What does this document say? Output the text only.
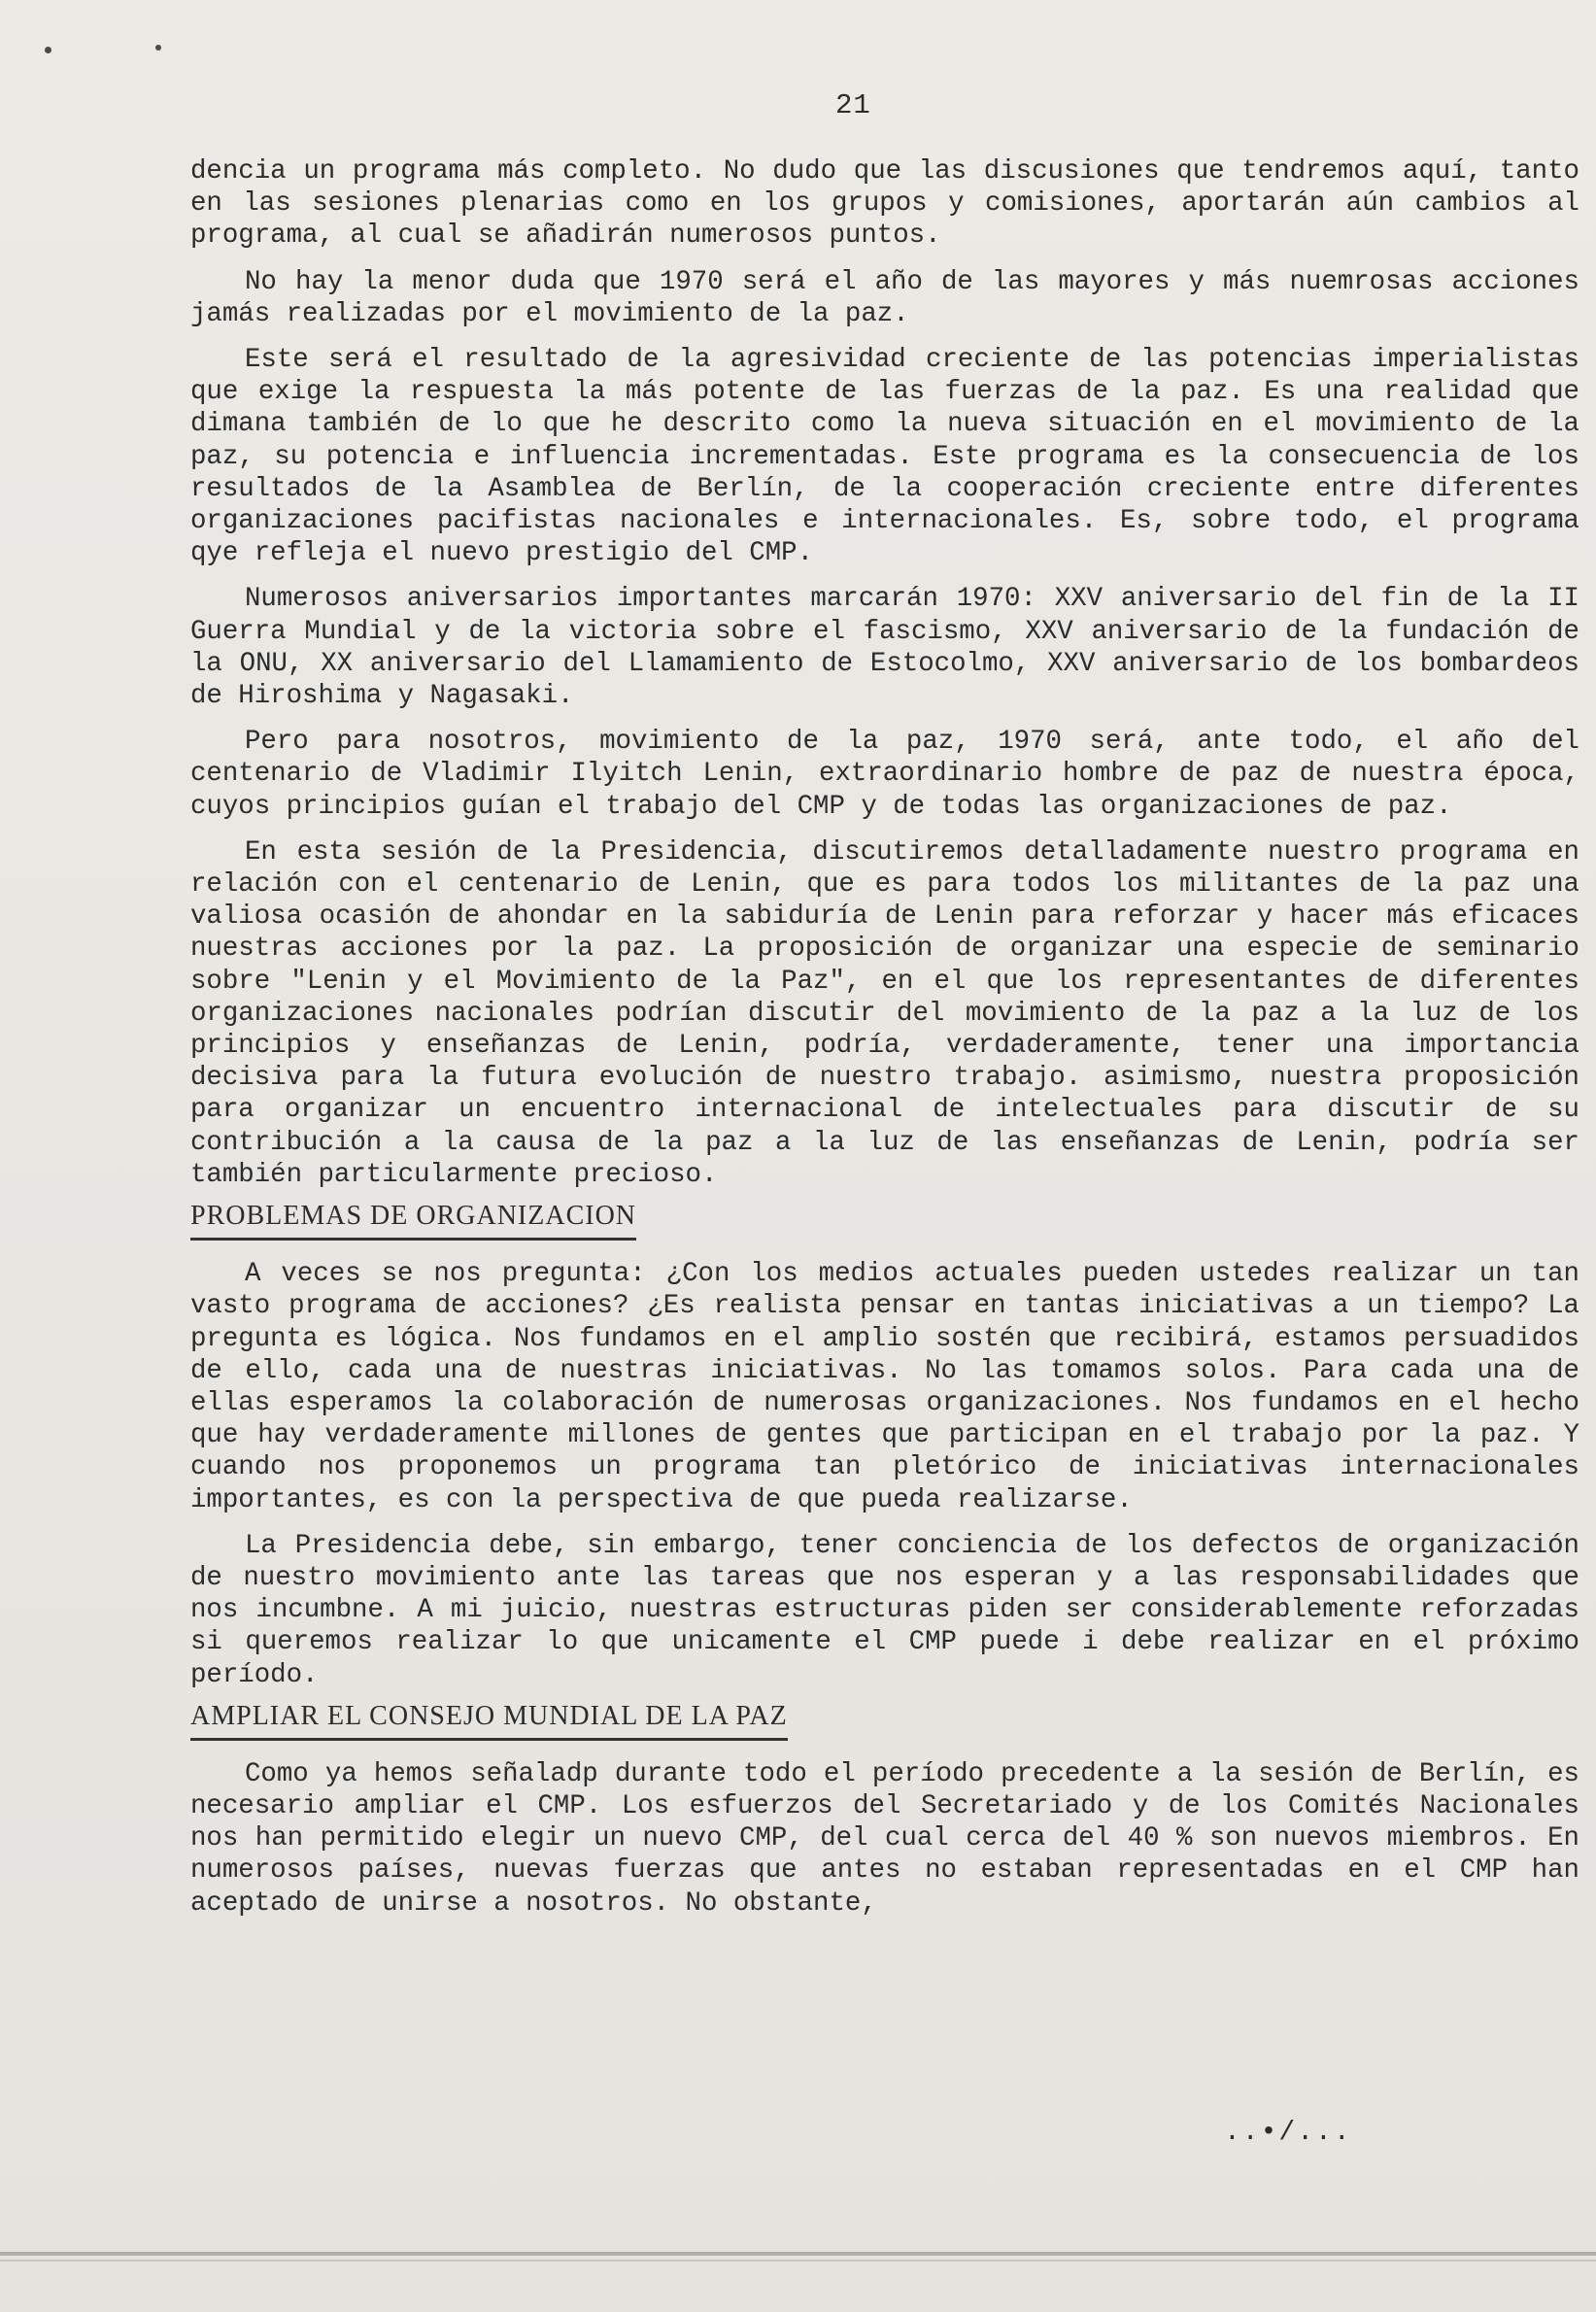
21

dencia un programa más completo. No dudo que las discusiones que tendremos aquí, tanto en las sesiones plenarias como en los grupos y comisiones, aportarán aún cambios al programa, al cual se añadirán numerosos puntos.

No hay la menor duda que 1970 será el año de las mayores y más nuemrosas acciones jamás realizadas por el movimiento de la paz.

Este será el resultado de la agresividad creciente de las potencias imperialistas que exige la respuesta la más potente de las fuerzas de la paz. Es una realidad que dimana también de lo que he descrito como la nueva situación en el movimiento de la paz, su potencia e influencia incrementadas. Este programa es la consecuencia de los resultados de la Asamblea de Berlín, de la cooperación creciente entre diferentes organizaciones pacifistas nacionales e internacionales. Es, sobre todo, el programa qye refleja el nuevo prestigio del CMP.

Numerosos aniversarios importantes marcarán 1970: XXV aniversario del fin de la II Guerra Mundial y de la victoria sobre el fascismo, XXV aniversario de la fundación de la ONU, XX aniversario del Llamamiento de Estocolmo, XXV aniversario de los bombardeos de Hiroshima y Nagasaki.

Pero para nosotros, movimiento de la paz, 1970 será, ante todo, el año del centenario de Vladimir Ilyitch Lenin, extraordinario hombre de paz de nuestra época, cuyos principios guían el trabajo del CMP y de todas las organizaciones de paz.

En esta sesión de la Presidencia, discutiremos detalladamente nuestro programa en relación con el centenario de Lenin, que es para todos los militantes de la paz una valiosa ocasión de ahondar en la sabiduría de Lenin para reforzar y hacer más eficaces nuestras acciones por la paz. La proposición de organizar una especie de seminario sobre "Lenin y el Movimiento de la Paz", en el que los representantes de diferentes organizaciones nacionales podrían discutir del movimiento de la paz a la luz de los principios y enseñanzas de Lenin, podría, verdaderamente, tener una importancia decisiva para la futura evolución de nuestro trabajo. asimismo, nuestra proposición para organizar un encuentro internacional de intelectuales para discutir de su contribución a la causa de la paz a la luz de las enseñanzas de Lenin, podría ser también particularmente precioso.

PROBLEMAS DE ORGANIZACION

A veces se nos pregunta: ¿Con los medios actuales pueden ustedes realizar un tan vasto programa de acciones? ¿Es realista pensar en tantas iniciativas a un tiempo? La pregunta es lógica. Nos fundamos en el amplio sostén que recibirá, estamos persuadidos de ello, cada una de nuestras iniciativas. No las tomamos solos. Para cada una de ellas esperamos la colaboración de numerosas organizaciones. Nos fundamos en el hecho que hay verdaderamente millones de gentes que participan en el trabajo por la paz. Y cuando nos proponemos un programa tan pletórico de iniciativas internacionales importantes, es con la perspectiva de que pueda realizarse.

La Presidencia debe, sin embargo, tener conciencia de los defectos de organización de nuestro movimiento ante las tareas que nos esperan y a las responsabilidades que nos incumbne. A mi juicio, nuestras estructuras piden ser considerablemente reforzadas si queremos realizar lo que unicamente el CMP puede i debe realizar en el próximo período.

AMPLIAR EL CONSEJO MUNDIAL DE LA PAZ

Como ya hemos señaladp durante todo el período precedente a la sesión de Berlín, es necesario ampliar el CMP. Los esfuerzos del Secretariado y de los Comités Nacionales nos han permitido elegir un nuevo CMP, del cual cerca del 40 % son nuevos miembros. En numerosos países, nuevas fuerzas que antes no estaban representadas en el CMP han aceptado de unirse a nosotros. No obstante,

..•/...
